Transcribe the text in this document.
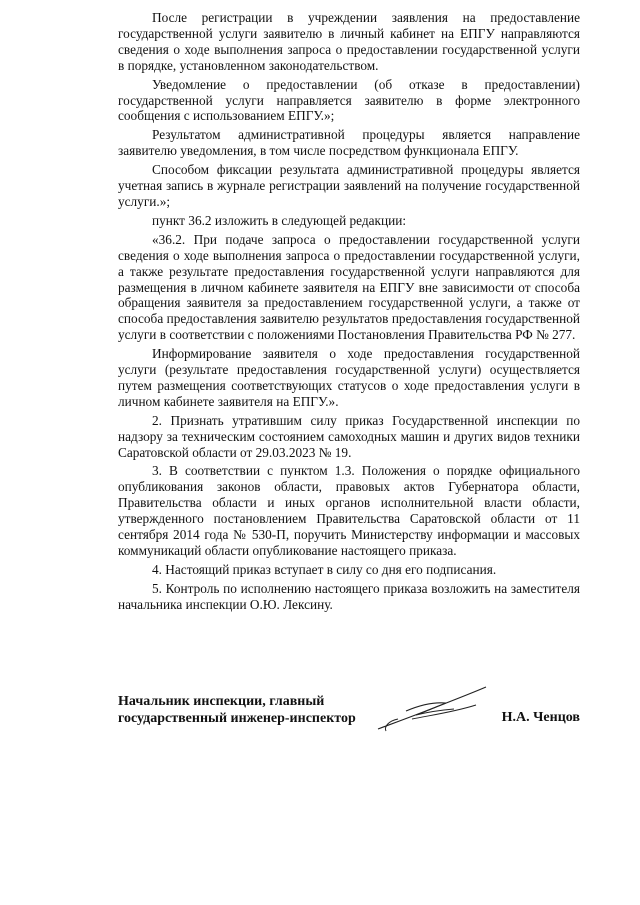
После регистрации в учреждении заявления на предоставление государственной услуги заявителю в личный кабинет на ЕПГУ направляются сведения о ходе выполнения запроса о предоставлении государственной услуги в порядке, установленном законодательством.

Уведомление о предоставлении (об отказе в предоставлении) государственной услуги направляется заявителю в форме электронного сообщения с использованием ЕПГУ.»;

Результатом административной процедуры является направление заявителю уведомления, в том числе посредством функционала ЕПГУ.

Способом фиксации результата административной процедуры является учетная запись в журнале регистрации заявлений на получение государственной услуги.»;

пункт 36.2 изложить в следующей редакции:

«36.2. При подаче запроса о предоставлении государственной услуги сведения о ходе выполнения запроса о предоставлении государственной услуги, а также результате предоставления государственной услуги направляются для размещения в личном кабинете заявителя на ЕПГУ вне зависимости от способа обращения заявителя за предоставлением государственной услуги, а также от способа предоставления заявителю результатов предоставления государственной услуги в соответствии с положениями Постановления Правительства РФ № 277.

Информирование заявителя о ходе предоставления государственной услуги (результате предоставления государственной услуги) осуществляется путем размещения соответствующих статусов о ходе предоставления услуги в личном кабинете заявителя на ЕПГУ.».

2. Признать утратившим силу приказ Государственной инспекции по надзору за техническим состоянием самоходных машин и других видов техники Саратовской области от 29.03.2023 № 19.

3. В соответствии с пунктом 1.3. Положения о порядке официального опубликования законов области, правовых актов Губернатора области, Правительства области и иных органов исполнительной власти области, утвержденного постановлением Правительства Саратовской области от 11 сентября 2014 года № 530-П, поручить Министерству информации и массовых коммуникаций области опубликование настоящего приказа.

4. Настоящий приказ вступает в силу со дня его подписания.

5. Контроль по исполнению настоящего приказа возложить на заместителя начальника инспекции О.Ю. Лексину.

Начальник инспекции, главный
государственный инженер-инспектор	Н.А. Ченцов
